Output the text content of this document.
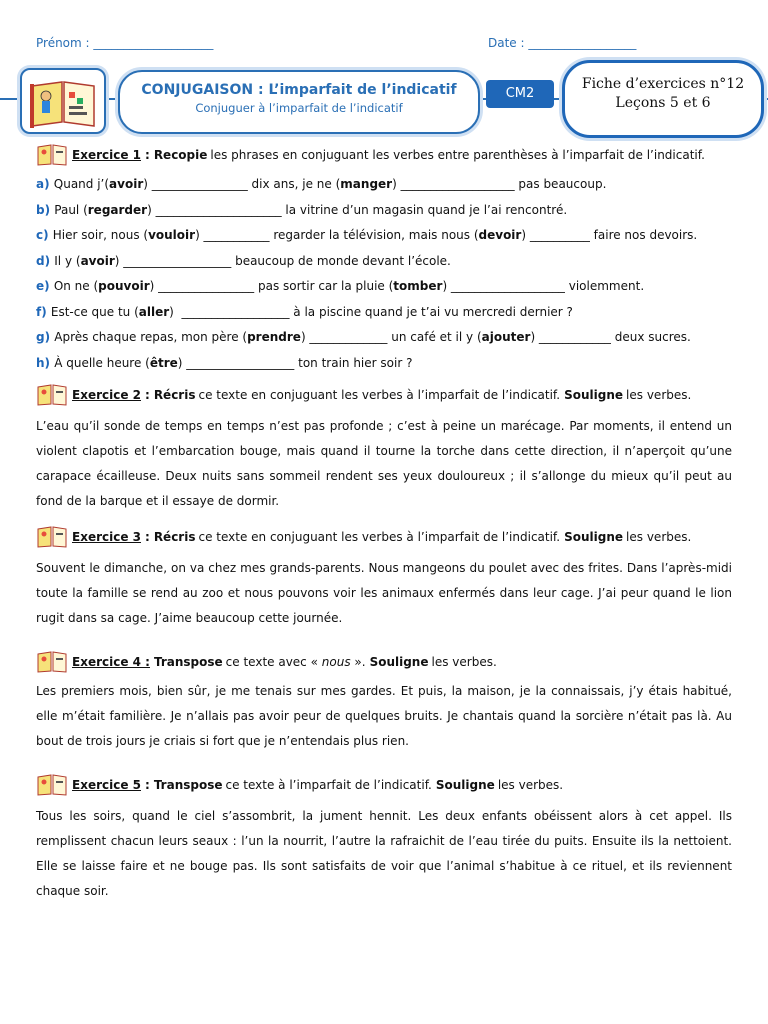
Prénom : ____________________	Date : __________________
CONJUGAISON : L’imparfait de l’indicatif
Conjuguer à l’imparfait de l’indicatif
CM2
Fiche d’exercices n°12
Leçons 5 et 6
Exercice 1 : Recopie les phrases en conjuguant les verbes entre parenthèses à l’imparfait de l’indicatif.

a) Quand j’(avoir) ________________ dix ans, je ne (manger) ___________________ pas beaucoup.

b) Paul (regarder) _____________________ la vitrine d’un magasin quand je l’ai rencontré.

c) Hier soir, nous (vouloir) ___________ regarder la télévision, mais nous (devoir) __________ faire nos devoirs.

d) Il y (avoir) __________________ beaucoup de monde devant l’école.

e) On ne (pouvoir) ________________ pas sortir car la pluie (tomber) ___________________ violemment.

f) Est-ce que tu (aller)  __________________ à la piscine quand je t’ai vu mercredi dernier ?

g) Après chaque repas, mon père (prendre) _____________ un café et il y (ajouter) ____________ deux sucres.

h) À quelle heure (être) __________________ ton train hier soir ?

Exercice 2 : Récris ce texte en conjuguant les verbes à l’imparfait de l’indicatif. Souligne les verbes.

L’eau qu’il sonde de temps en temps n’est pas profonde ; c’est à peine un marécage. Par moments, il entend un violent clapotis et l’embarcation bouge, mais quand il tourne la torche dans cette direction, il n’aperçoit qu’une carapace écailleuse. Deux nuits sans sommeil rendent ses yeux douloureux ; il s’allonge du mieux qu’il peut au fond de la barque et il essaye de dormir.

Exercice 3 : Récris ce texte en conjuguant les verbes à l’imparfait de l’indicatif. Souligne les verbes.

Souvent le dimanche, on va chez mes grands-parents. Nous mangeons du poulet avec des frites. Dans l’après-midi toute la famille se rend au zoo et nous pouvons voir les animaux enfermés dans leur cage. J’ai peur quand le lion rugit dans sa cage. J’aime beaucoup cette journée.

Exercice 4 : Transpose ce texte avec « nous ». Souligne les verbes.

Les premiers mois, bien sûr, je me tenais sur mes gardes. Et puis, la maison, je la connaissais, j’y étais habitué, elle m’était familière. Je n’allais pas avoir peur de quelques bruits. Je chantais quand la sorcière n’était pas là. Au bout de trois jours je criais si fort que je n’entendais plus rien.

Exercice 5 : Transpose ce texte à l’imparfait de l’indicatif. Souligne les verbes.

Tous les soirs, quand le ciel s’assombrit, la jument hennit. Les deux enfants obéissent alors à cet appel. Ils remplissent chacun leurs seaux : l’un la nourrit, l’autre la rafraichit de l’eau tirée du puits. Ensuite ils la nettoient. Elle se laisse faire et ne bouge pas. Ils sont satisfaits de voir que l’animal s’habitue à ce rituel, et ils reviennent chaque soir.
